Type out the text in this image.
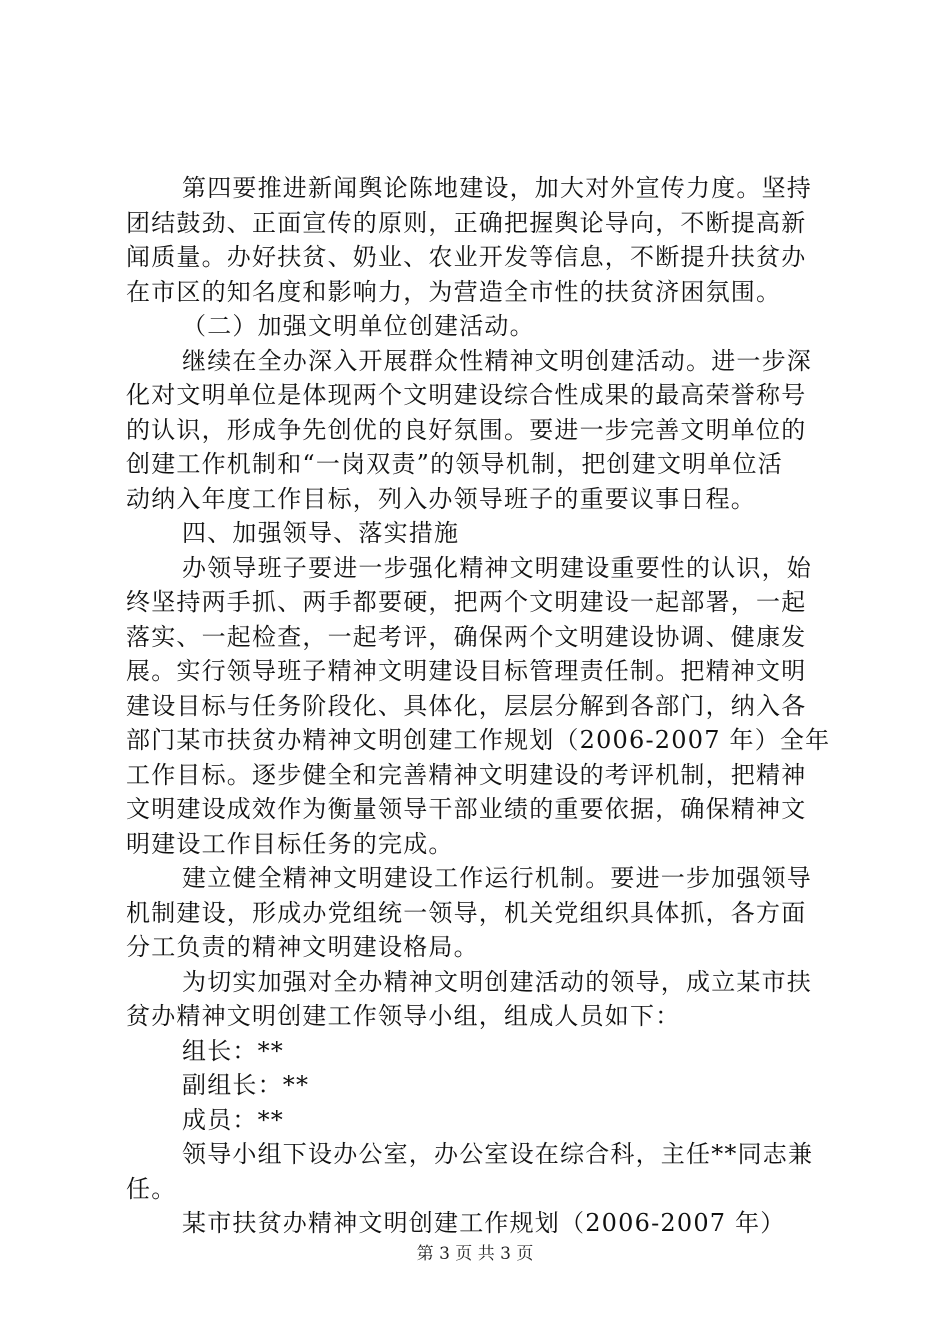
第四要推进新闻舆论陈地建设，加大对外宣传力度。坚持
团结鼓劲、正面宣传的原则，正确把握舆论导向，不断提高新
闻质量。办好扶贫、奶业、农业开发等信息，不断提升扶贫办
在市区的知名度和影响力，为营造全市性的扶贫济困氛围。
（二）加强文明单位创建活动。
继续在全办深入开展群众性精神文明创建活动。进一步深
化对文明单位是体现两个文明建设综合性成果的最高荣誉称号
的认识，形成争先创优的良好氛围。要进一步完善文明单位的
创建工作机制和“一岗双责”的领导机制，把创建文明单位活
动纳入年度工作目标，列入办领导班子的重要议事日程。
四、加强领导、落实措施
办领导班子要进一步强化精神文明建设重要性的认识，始
终坚持两手抓、两手都要硬，把两个文明建设一起部署，一起
落实、一起检查，一起考评，确保两个文明建设协调、健康发
展。实行领导班子精神文明建设目标管理责任制。把精神文明
建设目标与任务阶段化、具体化，层层分解到各部门，纳入各
部门某市扶贫办精神文明创建工作规划（2006-2007 年）全年
工作目标。逐步健全和完善精神文明建设的考评机制，把精神
文明建设成效作为衡量领导干部业绩的重要依据，确保精神文
明建设工作目标任务的完成。
建立健全精神文明建设工作运行机制。要进一步加强领导
机制建设，形成办党组统一领导，机关党组织具体抓，各方面
分工负责的精神文明建设格局。
为切实加强对全办精神文明创建活动的领导，成立某市扶
贫办精神文明创建工作领导小组，组成人员如下：
组长：**
副组长：**
成员：**
领导小组下设办公室，办公室设在综合科，主任**同志兼
任。
某市扶贫办精神文明创建工作规划（2006-2007 年）
第 3 页 共 3 页
